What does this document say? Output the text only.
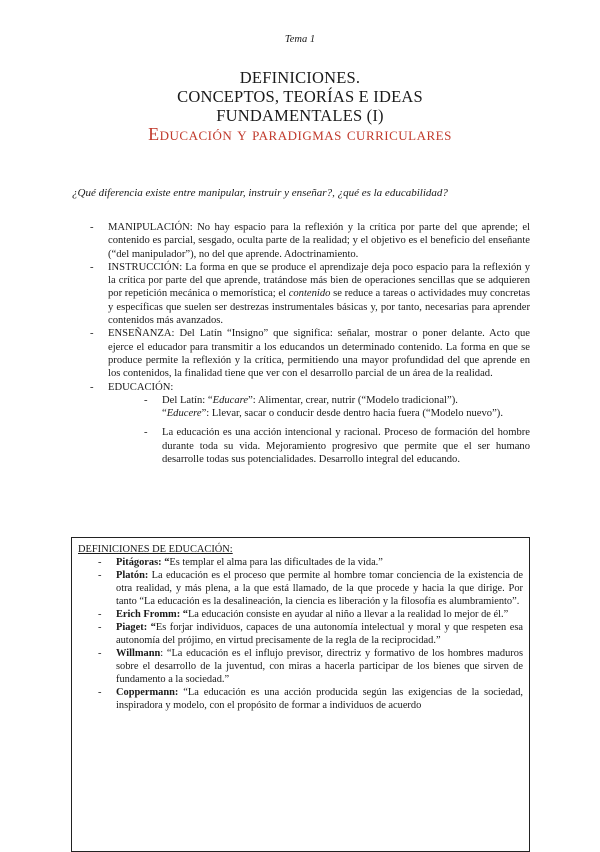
Tema 1
DEFINICIONES.
CONCEPTOS, TEORÍAS E IDEAS
FUNDAMENTALES (I)
Educación y paradigmas curriculares
¿Qué diferencia existe entre manipular, instruir y enseñar?, ¿qué es la educabilidad?
- MANIPULACIÓN: No hay espacio para la reflexión y la crítica por parte del que aprende; el contenido es parcial, sesgado, oculta parte de la realidad; y el objetivo es el beneficio del enseñante (“del manipulador”), no del que aprende. Adoctrinamiento.
- INSTRUCCIÓN: La forma en que se produce el aprendizaje deja poco espacio para la reflexión y la crítica por parte del que aprende, tratándose más bien de operaciones sencillas que se adquieren por repetición mecánica o memorística; el contenido se reduce a tareas o actividades muy concretas y específicas que suelen ser destrezas instrumentales básicas y, por tanto, necesarias para aprender contenidos más avanzados.
- ENSEÑANZA: Del Latín “Insigno” que significa: señalar, mostrar o poner delante. Acto que ejerce el educador para transmitir a los educandos un determinado contenido. La forma en que se produce permite la reflexión y la crítica, permitiendo una mayor profundidad del que aprende en los contenidos, la finalidad tiene que ver con el desarrollo parcial de un área de la realidad.
- EDUCACIÓN:
- Del Latín: “Educare”: Alimentar, crear, nutrir (“Modelo tradicional”).
“Educere”: Llevar, sacar o conducir desde dentro hacia fuera (“Modelo nuevo”).
- La educación es una acción intencional y racional. Proceso de formación del hombre durante toda su vida. Mejoramiento progresivo que permite que el ser humano desarrolle todas sus potencialidades. Desarrollo integral del educando.
DEFINICIONES DE EDUCACIÓN:
- Pitágoras: “Es templar el alma para las dificultades de la vida.”
- Platón: La educación es el proceso que permite al hombre tomar conciencia de la existencia de otra realidad, y más plena, a la que está llamado, de la que procede y hacia la que dirige. Por tanto “La educación es la desalineación, la ciencia es liberación y la filosofía es alumbramiento”.
- Erich Fromm: “La educación consiste en ayudar al niño a llevar a la realidad lo mejor de él.”
- Piaget: “Es forjar individuos, capaces de una autonomía intelectual y moral y que respeten esa autonomía del prójimo, en virtud precisamente de la regla de la reciprocidad.”
- Willmann: “La educación es el influjo previsor, directriz y formativo de los hombres maduros sobre el desarrollo de la juventud, con miras a hacerla participar de los bienes que sirven de fundamento a la sociedad.”
- Coppermann: “La educación es una acción producida según las exigencias de la sociedad, inspiradora y modelo, con el propósito de formar a individuos de acuerdo
